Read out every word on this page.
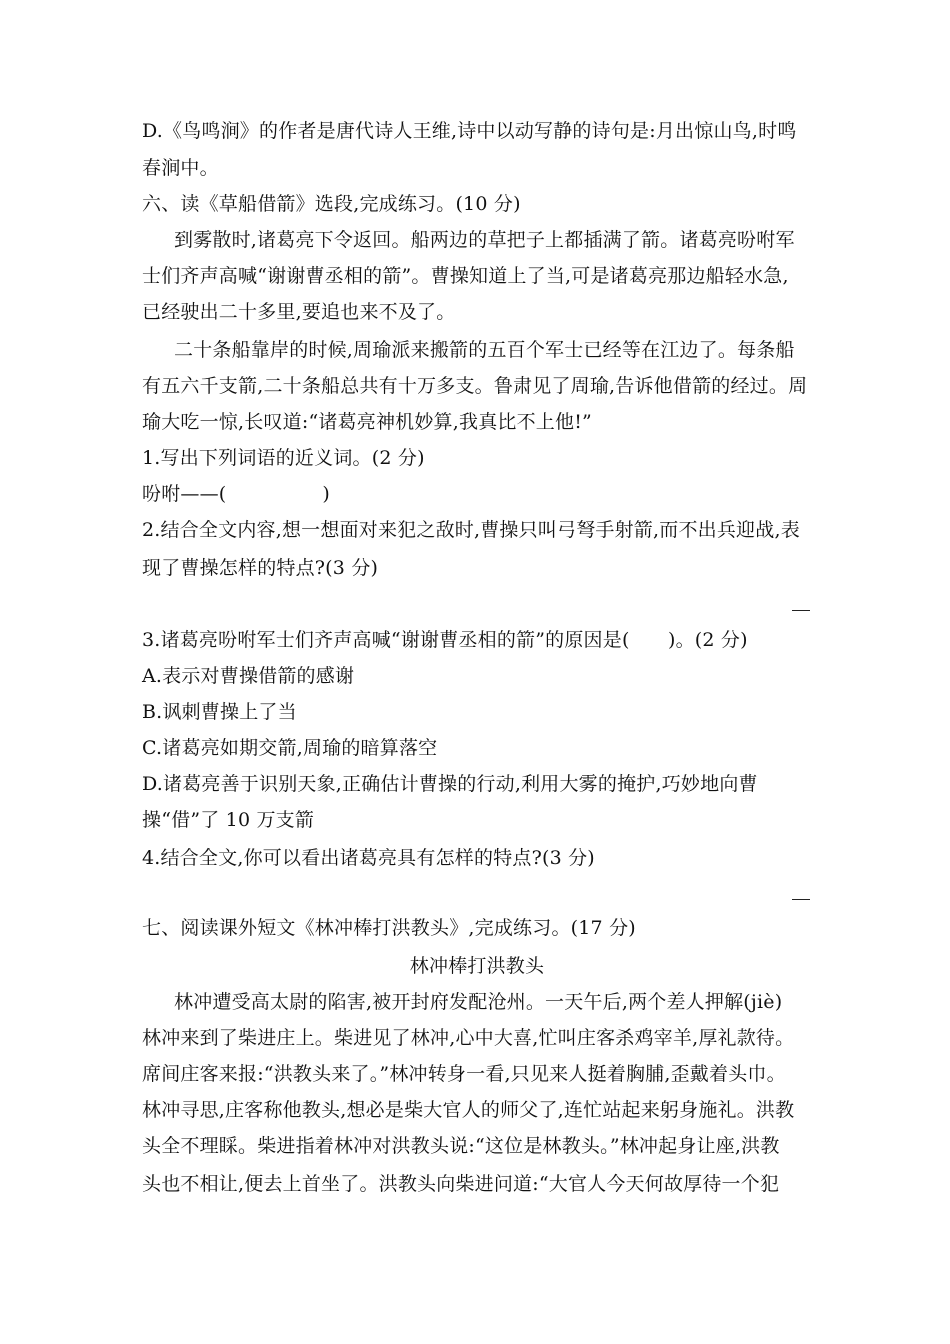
D.《鸟鸣涧》的作者是唐代诗人王维,诗中以动写静的诗句是:月出惊山鸟,时鸣
春涧中。
六、读《草船借箭》选段,完成练习。(10 分)
到雾散时,诸葛亮下令返回。船两边的草把子上都插满了箭。诸葛亮吩咐军
士们齐声高喊“谢谢曹丞相的箭”。曹操知道上了当,可是诸葛亮那边船轻水急,
已经驶出二十多里,要追也来不及了。
二十条船靠岸的时候,周瑜派来搬箭的五百个军士已经等在江边了。每条船
有五六千支箭,二十条船总共有十万多支。鲁肃见了周瑜,告诉他借箭的经过。周
瑜大吃一惊,长叹道:“诸葛亮神机妙算,我真比不上他!”
1.写出下列词语的近义词。(2 分)
吩咐——(　　　　　)
2.结合全文内容,想一想面对来犯之敌时,曹操只叫弓弩手射箭,而不出兵迎战,表
现了曹操怎样的特点?(3 分)
3.诸葛亮吩咐军士们齐声高喊“谢谢曹丞相的箭”的原因是(　　)。(2 分)
A.表示对曹操借箭的感谢
B.讽刺曹操上了当
C.诸葛亮如期交箭,周瑜的暗算落空
D.诸葛亮善于识别天象,正确估计曹操的行动,利用大雾的掩护,巧妙地向曹
操“借”了 10 万支箭
4.结合全文,你可以看出诸葛亮具有怎样的特点?(3 分)
七、阅读课外短文《林冲棒打洪教头》,完成练习。(17 分)
林冲棒打洪教头
林冲遭受高太尉的陷害,被开封府发配沧州。一天午后,两个差人押解(jiè)
林冲来到了柴进庄上。柴进见了林冲,心中大喜,忙叫庄客杀鸡宰羊,厚礼款待。
席间庄客来报:“洪教头来了。”林冲转身一看,只见来人挺着胸脯,歪戴着头巾。
林冲寻思,庄客称他教头,想必是柴大官人的师父了,连忙站起来躬身施礼。洪教
头全不理睬。柴进指着林冲对洪教头说:“这位是林教头。”林冲起身让座,洪教
头也不相让,便去上首坐了。洪教头向柴进问道:“大官人今天何故厚待一个犯
